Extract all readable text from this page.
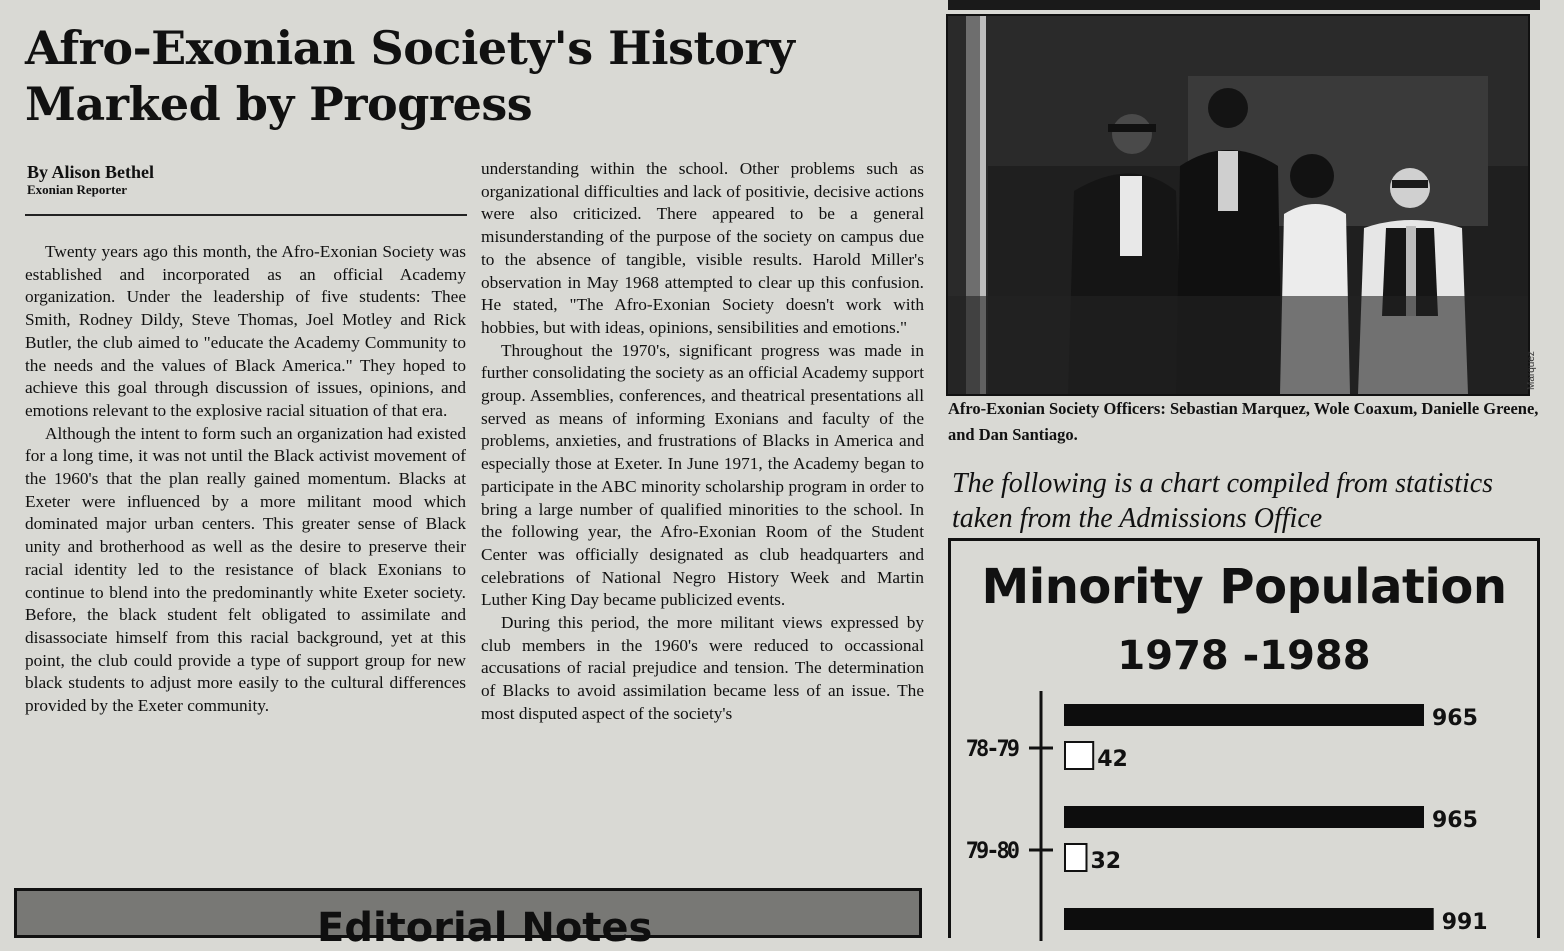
Afro-Exonian Society's History
Marked by Progress
By Alison Bethel
Exonian Reporter

Twenty years ago this month, the Afro-Exonian Society was established and incorporated as an official Academy organization. Under the leadership of five students: Thee Smith, Rodney Dildy, Steve Thomas, Joel Motley and Rick Butler, the club aimed to "educate the Academy Community to the needs and the values of Black America." They hoped to achieve this goal through discussion of issues, opinions, and emotions relevant to the explosive racial situation of that era.

Although the intent to form such an organization had existed for a long time, it was not until the Black activist movement of the 1960's that the plan really gained momentum. Blacks at Exeter were influenced by a more militant mood which dominated major urban centers. This greater sense of Black unity and brotherhood as well as the desire to preserve their racial identity led to the resistance of black Exonians to continue to blend into the predominantly white Exeter society. Before, the black student felt obligated to assimilate and disassociate himself from this racial background, yet at this point, the club could provide a type of support group for new black students to adjust more easily to the cultural differences provided by the Exeter community.

understanding within the school. Other problems such as organizational difficulties and lack of positivie, decisive actions were also criticized. There appeared to be a general misunderstanding of the purpose of the society on campus due to the absence of tangible, visible results. Harold Miller's observation in May 1968 attempted to clear up this confusion. He stated, "The Afro-Exonian Society doesn't work with hobbies, but with ideas, opinions, sensibilities and emotions."

Throughout the 1970's, significant progress was made in further consolidating the society as an official Academy support group. Assemblies, conferences, and theatrical presentations all served as means of informing Exonians and faculty of the problems, anxieties, and frustrations of Blacks in America and especially those at Exeter. In June 1971, the Academy began to participate in the ABC minority scholarship program in order to bring a large number of qualified minorities to the school. In the following year, the Afro-Exonian Room of the Student Center was officially designated as club headquarters and celebrations of National Negro History Week and Martin Luther King Day became publicized events.

During this period, the more militant views expressed by club members in the 1960's were reduced to occassional accusations of racial prejudice and tension. The determination of Blacks to avoid assimilation became less of an issue. The most disputed aspect of the society's

Marquez
Afro-Exonian Society Officers: Sebastian Marquez, Wole Coaxum, Danielle Greene, and Dan Santiago.
The following is a chart compiled from statistics taken from the Admissions Office
Minority Population
1978 -1988
78-79
965
42
79-80
965
32
991
Editorial Notes
